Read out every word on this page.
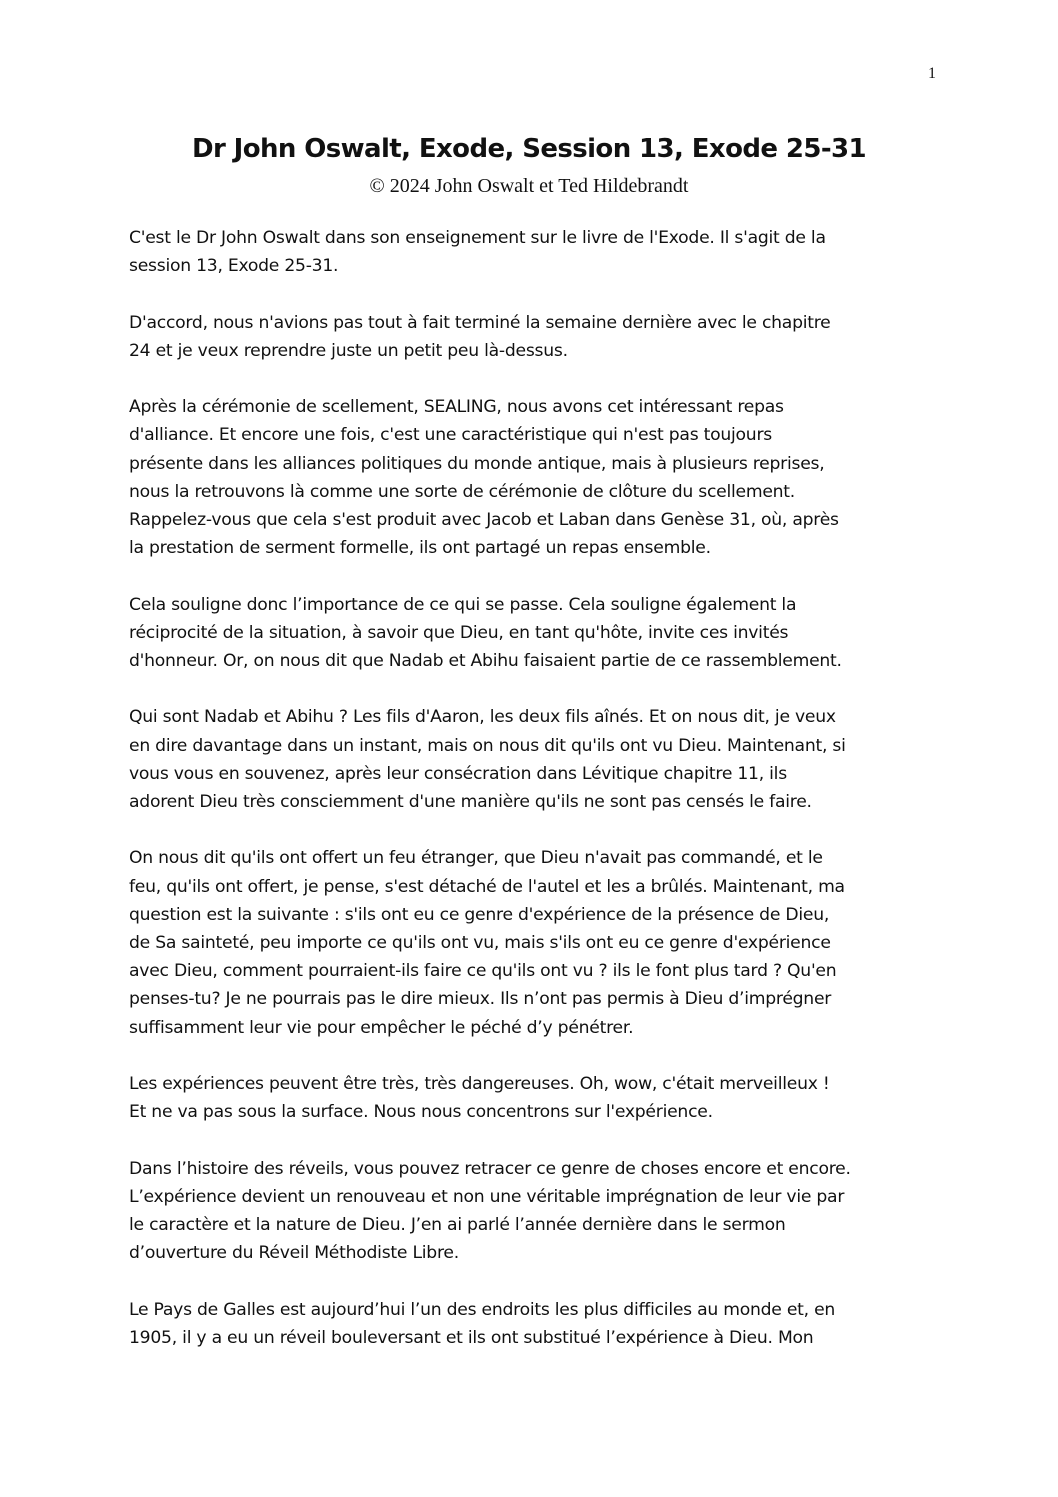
1
Dr John Oswalt, Exode, Session 13, Exode 25-31
© 2024 John Oswalt et Ted Hildebrandt

C'est le Dr John Oswalt dans son enseignement sur le livre de l'Exode. Il s'agit de la
session 13, Exode 25-31.

D'accord, nous n'avions pas tout à fait terminé la semaine dernière avec le chapitre
24 et je veux reprendre juste un petit peu là-dessus.

Après la cérémonie de scellement, SEALING, nous avons cet intéressant repas
d'alliance. Et encore une fois, c'est une caractéristique qui n'est pas toujours
présente dans les alliances politiques du monde antique, mais à plusieurs reprises,
nous la retrouvons là comme une sorte de cérémonie de clôture du scellement.
Rappelez-vous que cela s'est produit avec Jacob et Laban dans Genèse 31, où, après
la prestation de serment formelle, ils ont partagé un repas ensemble.

Cela souligne donc l’importance de ce qui se passe. Cela souligne également la
réciprocité de la situation, à savoir que Dieu, en tant qu'hôte, invite ces invités
d'honneur. Or, on nous dit que Nadab et Abihu faisaient partie de ce rassemblement.

Qui sont Nadab et Abihu ? Les fils d'Aaron, les deux fils aînés. Et on nous dit, je veux
en dire davantage dans un instant, mais on nous dit qu'ils ont vu Dieu. Maintenant, si
vous vous en souvenez, après leur consécration dans Lévitique chapitre 11, ils
adorent Dieu très consciemment d'une manière qu'ils ne sont pas censés le faire.

On nous dit qu'ils ont offert un feu étranger, que Dieu n'avait pas commandé, et le
feu, qu'ils ont offert, je pense, s'est détaché de l'autel et les a brûlés. Maintenant, ma
question est la suivante : s'ils ont eu ce genre d'expérience de la présence de Dieu,
de Sa sainteté, peu importe ce qu'ils ont vu, mais s'ils ont eu ce genre d'expérience
avec Dieu, comment pourraient-ils faire ce qu'ils ont vu ? ils le font plus tard ? Qu'en
penses-tu? Je ne pourrais pas le dire mieux. Ils n’ont pas permis à Dieu d’imprégner
suffisamment leur vie pour empêcher le péché d’y pénétrer.

Les expériences peuvent être très, très dangereuses. Oh, wow, c'était merveilleux !
Et ne va pas sous la surface. Nous nous concentrons sur l'expérience.

Dans l’histoire des réveils, vous pouvez retracer ce genre de choses encore et encore.
L’expérience devient un renouveau et non une véritable imprégnation de leur vie par
le caractère et la nature de Dieu. J’en ai parlé l’année dernière dans le sermon
d’ouverture du Réveil Méthodiste Libre.

Le Pays de Galles est aujourd’hui l’un des endroits les plus difficiles au monde et, en
1905, il y a eu un réveil bouleversant et ils ont substitué l’expérience à Dieu. Mon
